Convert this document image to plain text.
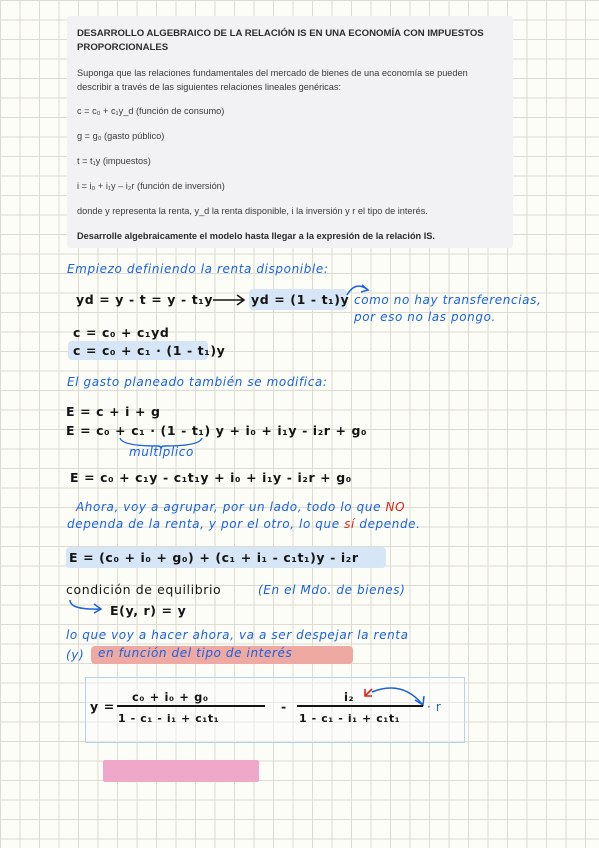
DESARROLLO ALGEBRAICO DE LA RELACIÓN IS EN UNA ECONOMÍA CON IMPUESTOS PROPORCIONALES
Suponga que las relaciones fundamentales del mercado de bienes de una economía se pueden describir a través de las siguientes relaciones lineales genéricas:
c = c₀ + c₁y_d (función de consumo)
g = g₀ (gasto público)
t = t₁y (impuestos)
i = i₀ + i₁y – i₂r (función de inversión)
donde y representa la renta, y_d la renta disponible, i la inversión y r el tipo de interés.
Desarrolle algebraicamente el modelo hasta llegar a la expresión de la relación IS.
Empiezo definiendo la renta disponible:
yd = y - t = y - t₁y	yd = (1 - t₁)y como no hay transferencias,
por eso no las pongo.
c = c₀ + c₁yd
c = c₀ + c₁ · (1 - t₁)y
El gasto planeado también se modifica:
E = c + i + g
E = c₀ + c₁ · (1 - t₁) y + i₀ + i₁y - i₂r + g₀
multiplico
E = c₀ + c₁y - c₁t₁y + i₀ + i₁y - i₂r + g₀
Ahora, voy a agrupar, por un lado, todo lo que NO
dependa de la renta, y por el otro, lo que sí depende.
E = (c₀ + i₀ + g₀) + (c₁ + i₁ - c₁t₁)y - i₂r
condición de equilibrio	(En el Mdo. de bienes)
E(y, r) = y
lo que voy a hacer ahora, va a ser despejar la renta
(y) en función del tipo de interés
y =
c₀ + i₀ + g₀
1 - c₁ - i₁ + c₁t₁
-
i₂
1 - c₁ - i₁ + c₁t₁
· r
